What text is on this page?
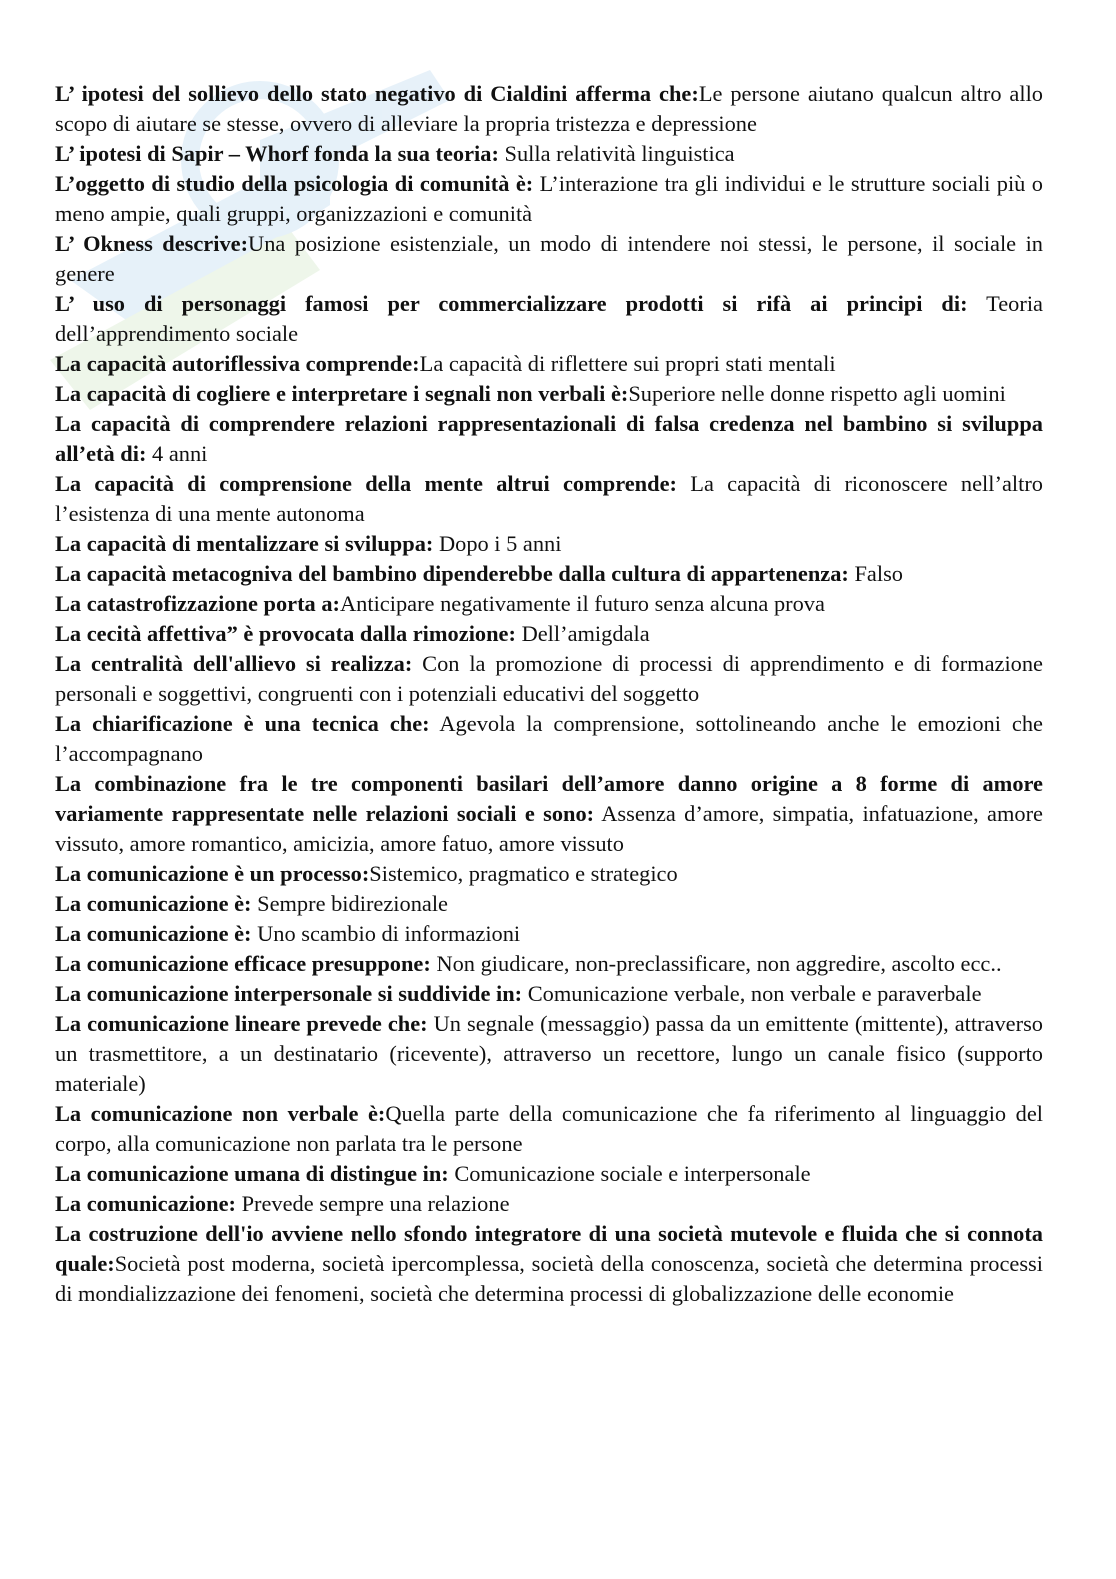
L’ ipotesi del sollievo dello stato negativo di Cialdini afferma che:Le persone aiutano qualcun altro allo scopo di aiutare se stesse, ovvero di alleviare la propria tristezza e depressione

L’ ipotesi di Sapir – Whorf fonda la sua teoria: Sulla relatività linguistica

L’oggetto di studio della psicologia di comunità è: L’interazione tra gli individui e le strutture sociali più o meno ampie, quali gruppi, organizzazioni e comunità

L’ Okness descrive:Una posizione esistenziale, un modo di intendere noi stessi, le persone, il sociale in genere

L’ uso di personaggi famosi per commercializzare prodotti si rifà ai principi di: Teoria dell’apprendimento sociale

La capacità autoriflessiva comprende:La capacità di riflettere sui propri stati mentali

La capacità di cogliere e interpretare i segnali non verbali è:Superiore nelle donne rispetto agli uomini

La capacità di comprendere relazioni rappresentazionali di falsa credenza nel bambino si sviluppa all’età di: 4 anni

La capacità di comprensione della mente altrui comprende: La capacità di riconoscere nell’altro l’esistenza di una mente autonoma

La capacità di mentalizzare si sviluppa: Dopo i 5 anni

La capacità metacogniva del bambino dipenderebbe dalla cultura di appartenenza: Falso

La catastrofizzazione porta a:Anticipare negativamente il futuro senza alcuna prova

La cecità affettiva” è provocata dalla rimozione: Dell’amigdala

La centralità dell'allievo si realizza: Con la promozione di processi di apprendimento e di formazione personali e soggettivi, congruenti con i potenziali educativi del soggetto

La chiarificazione è una tecnica che: Agevola la comprensione, sottolineando anche le emozioni che l’accompagnano

La combinazione fra le tre componenti basilari dell’amore danno origine a 8 forme di amore variamente rappresentate nelle relazioni sociali e sono: Assenza d’amore, simpatia, infatuazione, amore vissuto, amore romantico, amicizia, amore fatuo, amore vissuto

La comunicazione è un processo:Sistemico, pragmatico e strategico

La comunicazione è: Sempre bidirezionale

La comunicazione è: Uno scambio di informazioni

La comunicazione efficace presuppone: Non giudicare, non-preclassificare, non aggredire, ascolto ecc..

La comunicazione interpersonale si suddivide in: Comunicazione verbale, non verbale e paraverbale

La comunicazione lineare prevede che: Un segnale (messaggio) passa da un emittente (mittente), attraverso un trasmettitore, a un destinatario (ricevente), attraverso un recettore, lungo un canale fisico (supporto materiale)

La comunicazione non verbale è:Quella parte della comunicazione che fa riferimento al linguaggio del corpo, alla comunicazione non parlata tra le persone

La comunicazione umana di distingue in: Comunicazione sociale e interpersonale

La comunicazione: Prevede sempre una relazione

La costruzione dell'io avviene nello sfondo integratore di una società mutevole e fluida che si connota quale:Società post moderna, società ipercomplessa, società della conoscenza, società che determina processi di mondializzazione dei fenomeni, società che determina processi di globalizzazione delle economie
